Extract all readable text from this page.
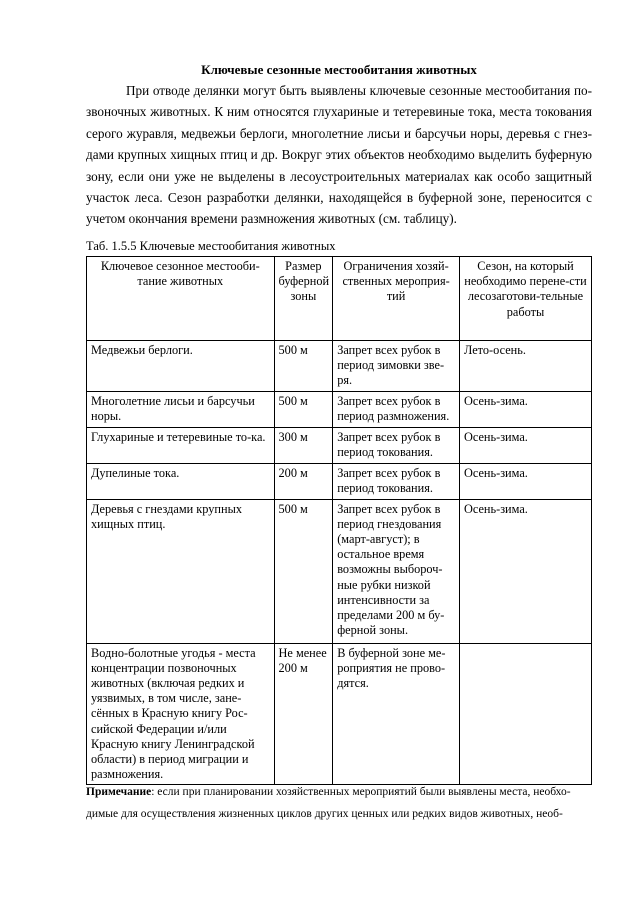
Ключевые сезонные местообитания животных
При отводе делянки могут быть выявлены ключевые сезонные местообитания по-
звоночных животных. К ним относятся глухариные и тетеревиные тока, места токования
серого журавля, медвежьи берлоги, многолетние лисьи и барсучьи норы, деревья с гнез-
дами крупных хищных птиц и др. Вокруг этих объектов необходимо выделить буферную
зону, если они уже не выделены в лесоустроительных материалах как особо защитный
участок леса. Сезон разработки делянки, находящейся в буферной зоне, переносится с
учетом окончания времени размножения животных (см. таблицу).
Таб. 1.5.5 Ключевые местообитания животных
Ключевое сезонное местооби-тание животных	Размер буферной зоны	Ограничения хозяй-ственных мероприя-тий	Сезон, на который необходимо перене-сти лесозаготови-тельные работы
Медвежьи берлоги.	500 м	Запрет всех рубок в период зимовки зве-ря.	Лето-осень.
Многолетние лисьи и барсучьи норы.	500 м	Запрет всех рубок в период размножения.	Осень-зима.
Глухариные и тетеревиные то-ка.	300 м	Запрет всех рубок в период токования.	Осень-зима.
Дупелиные тока.	200 м	Запрет всех рубок в период токования.	Осень-зима.
Деревья с гнездами крупных хищных птиц.	500 м	Запрет всех рубок в период гнездования (март-август); в остальное время возможны выбороч-ные рубки низкой интенсивности за пределами 200 м бу-ферной зоны.	Осень-зима.
Водно-болотные угодья - места концентрации позвоночных животных (включая редких и уязвимых, в том числе, зане-сённых в Красную книгу Рос-сийской Федерации и/или Красную книгу Ленинградской области) в период миграции и размножения.	Не менее 200 м	В буферной зоне ме-роприятия не прово-дятся.	
Примечание: если при планировании хозяйственных мероприятий были выявлены места, необхо-
димые для осуществления жизненных циклов других ценных или редких видов животных, необ-
